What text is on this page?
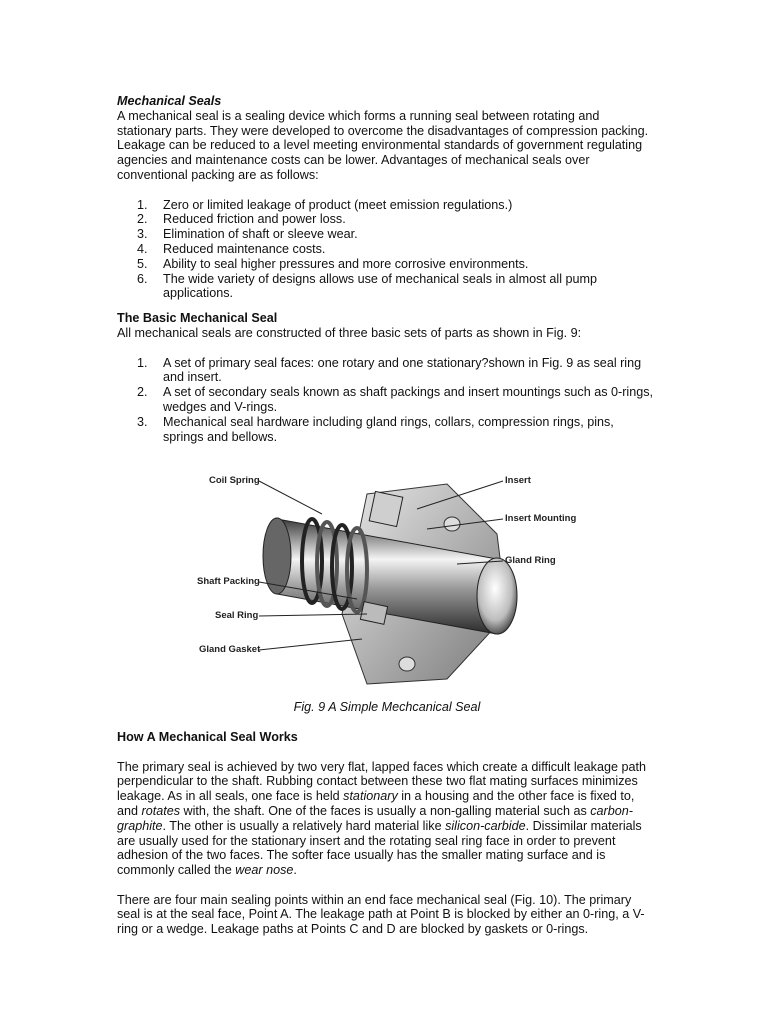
Mechanical Seals

A mechanical seal is a sealing device which forms a running seal between rotating and stationary parts. They were developed to overcome the disadvantages of compression packing. Leakage can be reduced to a level meeting environmental standards of government regulating agencies and maintenance costs can be lower. Advantages of mechanical seals over conventional packing are as follows:

1. Zero or limited leakage of product (meet emission regulations.)
2. Reduced friction and power loss.
3. Elimination of shaft or sleeve wear.
4. Reduced maintenance costs.
5. Ability to seal higher pressures and more corrosive environments.
6. The wide variety of designs allows use of mechanical seals in almost all pump applications.
The Basic Mechanical Seal

All mechanical seals are constructed of three basic sets of parts as shown in Fig. 9:

1. A set of primary seal faces: one rotary and one stationary?shown in Fig. 9 as seal ring and insert.
2. A set of secondary seals known as shaft packings and insert mountings such as 0-rings, wedges and V-rings.
3. Mechanical seal hardware including gland rings, collars, compression rings, pins, springs and bellows.
Coil Spring	Insert
Insert Mounting
Gland Ring
Shaft Packing
Seal Ring
Gland Gasket

Fig. 9 A Simple Mechcanical Seal

How A Mechanical Seal Works

The primary seal is achieved by two very flat, lapped faces which create a difficult leakage path perpendicular to the shaft. Rubbing contact between these two flat mating surfaces minimizes leakage. As in all seals, one face is held stationary in a housing and the other face is fixed to, and rotates with, the shaft. One of the faces is usually a non-galling material such as carbon-graphite. The other is usually a relatively hard material like silicon-carbide. Dissimilar materials are usually used for the stationary insert and the rotating seal ring face in order to prevent adhesion of the two faces. The softer face usually has the smaller mating surface and is commonly called the wear nose.

There are four main sealing points within an end face mechanical seal (Fig. 10). The primary seal is at the seal face, Point A. The leakage path at Point B is blocked by either an 0-ring, a V-ring or a wedge. Leakage paths at Points C and D are blocked by gaskets or 0-rings.
